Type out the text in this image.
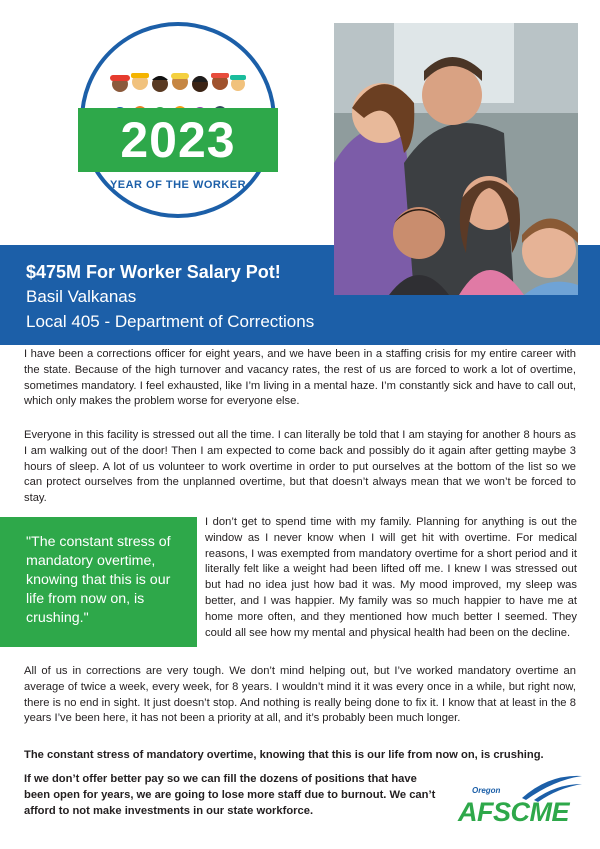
2023
YEAR OF THE WORKER
$475M For Worker Salary Pot!
Basil Valkanas
Local 405 - Department of Corrections

I have been a corrections officer for eight years, and we have been in a staffing crisis for my entire career with the state. Because of the high turnover and vacancy rates, the rest of us are forced to work a lot of overtime, sometimes mandatory. I feel exhausted, like I’m living in a mental haze. I’m constantly sick and have to call out, which only makes the problem worse for everyone else.

Everyone in this facility is stressed out all the time. I can literally be told that I am staying for another 8 hours as I am walking out of the door! Then I am expected to come back and possibly do it again after getting maybe 3 hours of sleep. A lot of us volunteer to work overtime in order to put ourselves at the bottom of the list so we can protect ourselves from the unplanned overtime, but that doesn’t always mean that we won’t be forced to stay.

"The constant stress of mandatory overtime, knowing that this is our life from now on, is crushing."

I don’t get to spend time with my family. Planning for anything is out the window as I never know when I will get hit with overtime. For medical reasons, I was exempted from mandatory overtime for a short period and it literally felt like a weight had been lifted off me. I knew I was stressed out but had no idea just how bad it was. My mood improved, my sleep was better, and I was happier. My family was so much happier to have me at home more often, and they mentioned how much better I seemed. They could all see how my mental and physical health had been on the decline.

All of us in corrections are very tough. We don’t mind helping out, but I’ve worked mandatory overtime an average of twice a week, every week, for 8 years. I wouldn’t mind it it was every once in a while, but right now, there is no end in sight. It just doesn’t stop. And nothing is really being done to fix it. I know that at least in the 8 years I’ve been here, it has not been a priority at all, and it’s probably been much longer.

The constant stress of mandatory overtime, knowing that this is our life from now on, is crushing.

If we don’t offer better pay so we can fill the dozens of positions that have been open for years, we are going to lose more staff due to burnout. We can’t afford to not make investments in our state workforce.

Oregon
AFSCME
